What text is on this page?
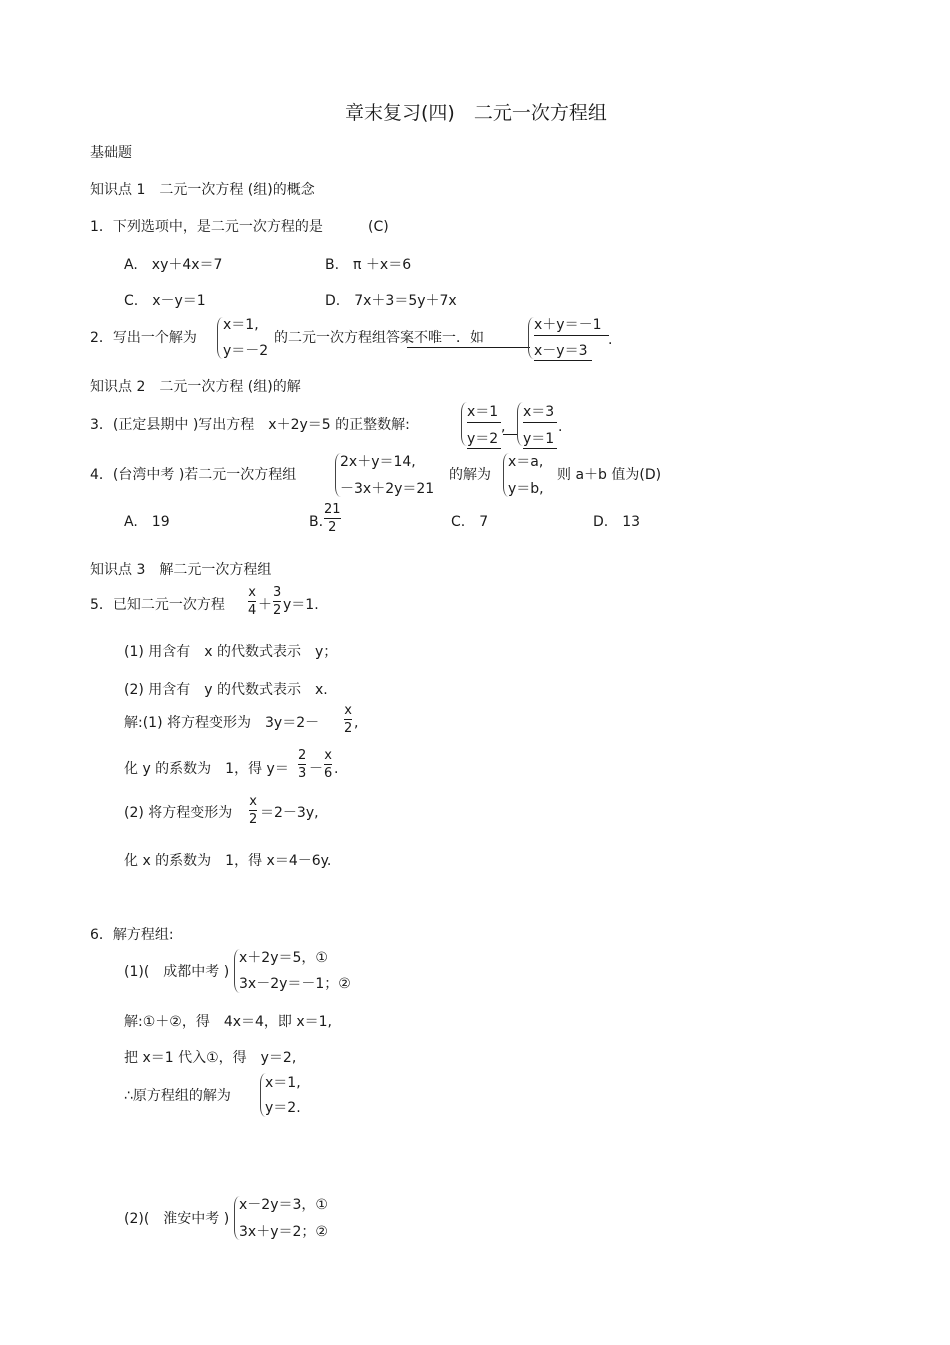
章末复习(四)　二元一次方程组
基础题
知识点 1　二元一次方程 (组)的概念
1．下列选项中，是二元一次方程的是	(C)
A.　xy＋4x＝7	B.　π ＋x＝6
C.　x－y＝1	D.　7x＋3＝5y＋7x
2．写出一个解为
x＝1,
y＝－2
的二元一次方程组答案不唯一．如
x＋y＝－1
x－y＝3
.
知识点 2　二元一次方程 (组)的解
3．(正定县期中 )写出方程　x＋2y＝5 的正整数解:
x＝1
y＝2
,
x＝3
y＝1
.
4．(台湾中考 )若二元一次方程组
2x＋y＝14,
－3x＋2y＝21
的解为
x＝a,
y＝b,
则 a＋b 值为(D)
A.　19	B.
21
2	C.　7	D.　13
知识点 3　解二元一次方程组
5．已知二元一次方程
x
4 ＋
3
2 y＝1.
(1) 用含有　x 的代数式表示　y；
(2) 用含有　y 的代数式表示　x.
解:(1) 将方程变形为　3y＝2－
x
2 ,
化 y 的系数为　1，得 y＝
2
3 －
x
6 .
(2) 将方程变形为
x
2 ＝2－3y,
化 x 的系数为　1，得 x＝4－6y.
6．解方程组:
(1)(　成都中考 )
x＋2y＝5，①
3x－2y＝－1；②
解:①＋②，得　4x＝4，即 x＝1,
把 x＝1 代入①，得　y＝2,
∴原方程组的解为
x＝1,
y＝2.
(2)(　淮安中考 )
x－2y＝3，①
3x＋y＝2；②
